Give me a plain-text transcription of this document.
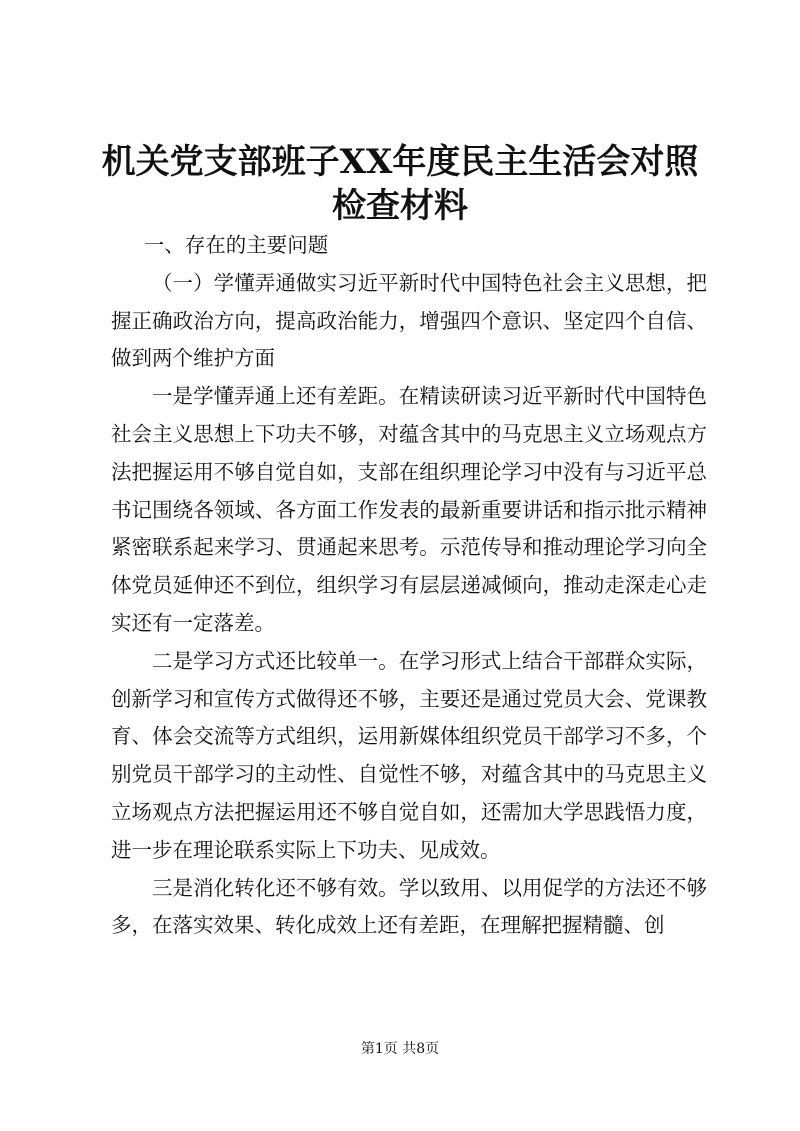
机关党支部班子XX年度民主生活会对照检查材料

一、存在的主要问题

（一）学懂弄通做实习近平新时代中国特色社会主义思想，把握正确政治方向，提高政治能力，增强四个意识、坚定四个自信、做到两个维护方面

一是学懂弄通上还有差距。在精读研读习近平新时代中国特色社会主义思想上下功夫不够，对蕴含其中的马克思主义立场观点方法把握运用不够自觉自如，支部在组织理论学习中没有与习近平总书记围绕各领域、各方面工作发表的最新重要讲话和指示批示精神紧密联系起来学习、贯通起来思考。示范传导和推动理论学习向全体党员延伸还不到位，组织学习有层层递减倾向，推动走深走心走实还有一定落差。

二是学习方式还比较单一。在学习形式上结合干部群众实际，创新学习和宣传方式做得还不够，主要还是通过党员大会、党课教育、体会交流等方式组织，运用新媒体组织党员干部学习不多，个别党员干部学习的主动性、自觉性不够，对蕴含其中的马克思主义立场观点方法把握运用还不够自觉自如，还需加大学思践悟力度，进一步在理论联系实际上下功夫、见成效。

三是消化转化还不够有效。学以致用、以用促学的方法还不够多，在落实效果、转化成效上还有差距，在理解把握精髓、创

第1页 共8页
